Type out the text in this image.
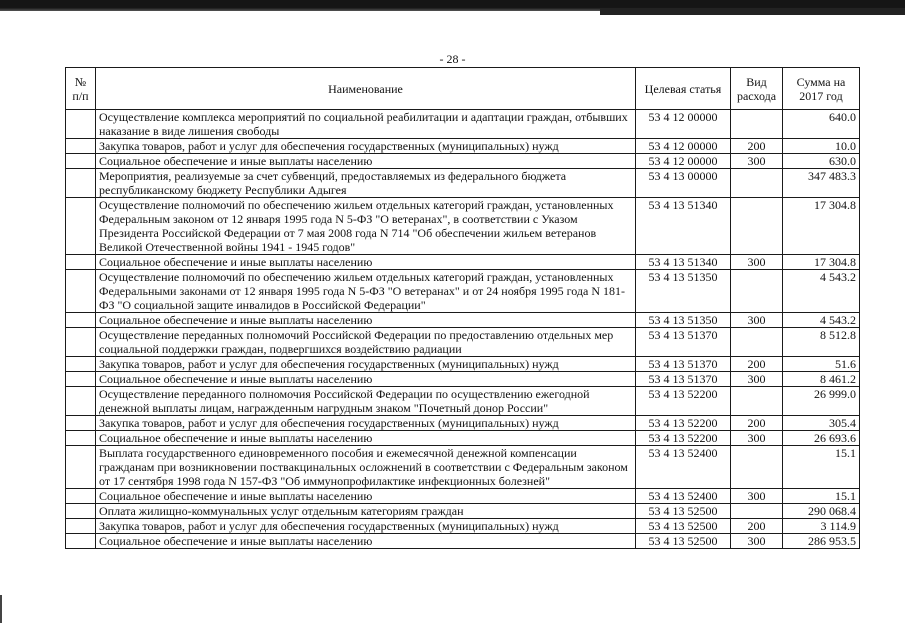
- 28 -
№ п/п	Наименование	Целевая статья	Вид расхода	Сумма на 2017 год
	Осуществление комплекса мероприятий по социальной реабилитации и адаптации граждан, отбывших наказание в виде лишения свободы	53 4 12 00000		640.0
	Закупка товаров, работ и услуг для обеспечения государственных (муниципальных) нужд	53 4 12 00000	200	10.0
	Социальное обеспечение и иные выплаты населению	53 4 12 00000	300	630.0
	Мероприятия, реализуемые за счет субвенций, предоставляемых из федерального бюджета республиканскому бюджету Республики Адыгея	53 4 13 00000		347 483.3
	Осуществление полномочий по обеспечению жильем отдельных категорий граждан, установленных Федеральным законом от 12 января 1995 года N 5-ФЗ "О ветеранах", в соответствии с Указом Президента Российской Федерации от 7 мая 2008 года N 714 "Об обеспечении жильем ветеранов Великой Отечественной войны 1941 - 1945 годов"	53 4 13 51340		17 304.8
	Социальное обеспечение и иные выплаты населению	53 4 13 51340	300	17 304.8
	Осуществление полномочий по обеспечению жильем отдельных категорий граждан, установленных Федеральными законами от 12 января 1995 года N 5-ФЗ "О ветеранах" и от 24 ноября 1995 года N 181-ФЗ "О социальной защите инвалидов в Российской Федерации"	53 4 13 51350		4 543.2
	Социальное обеспечение и иные выплаты населению	53 4 13 51350	300	4 543.2
	Осуществление переданных полномочий Российской Федерации по предоставлению отдельных мер социальной поддержки граждан, подвергшихся воздействию радиации	53 4 13 51370		8 512.8
	Закупка товаров, работ и услуг для обеспечения государственных (муниципальных) нужд	53 4 13 51370	200	51.6
	Социальное обеспечение и иные выплаты населению	53 4 13 51370	300	8 461.2
	Осуществление переданного полномочия Российской Федерации по осуществлению ежегодной денежной выплаты лицам, награжденным нагрудным знаком "Почетный донор России"	53 4 13 52200		26 999.0
	Закупка товаров, работ и услуг для обеспечения государственных (муниципальных) нужд	53 4 13 52200	200	305.4
	Социальное обеспечение и иные выплаты населению	53 4 13 52200	300	26 693.6
	Выплата государственного единовременного пособия и ежемесячной денежной компенсации гражданам при возникновении поствакцинальных осложнений в соответствии с Федеральным законом от 17 сентября 1998 года N 157-ФЗ "Об иммунопрофилактике инфекционных болезней"	53 4 13 52400		15.1
	Социальное обеспечение и иные выплаты населению	53 4 13 52400	300	15.1
	Оплата жилищно-коммунальных услуг отдельным категориям граждан	53 4 13 52500		290 068.4
	Закупка товаров, работ и услуг для обеспечения государственных (муниципальных) нужд	53 4 13 52500	200	3 114.9
	Социальное обеспечение и иные выплаты населению	53 4 13 52500	300	286 953.5
